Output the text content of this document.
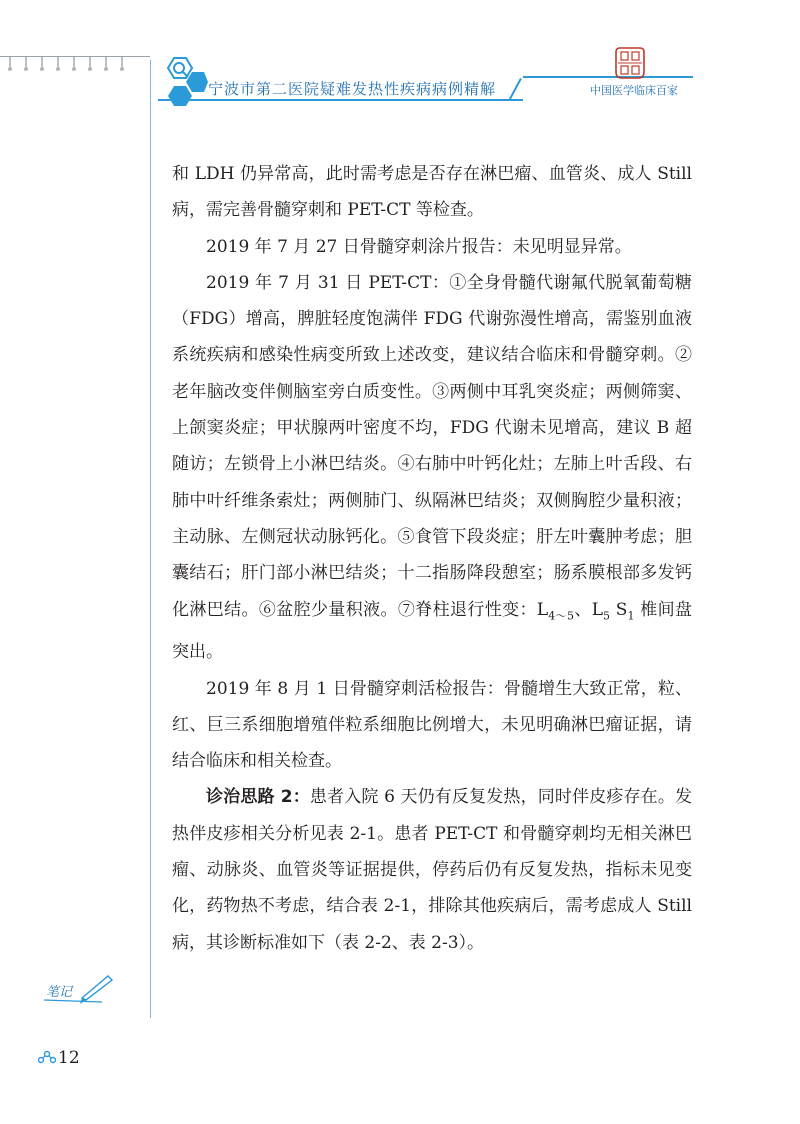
宁波市第二医院疑难发热性疾病病例精解	中国医学临床百家

和 LDH 仍异常高，此时需考虑是否存在淋巴瘤、血管炎、成人 Still 病，需完善骨髓穿刺和 PET-CT 等检查。

2019 年 7 月 27 日骨髓穿刺涂片报告：未见明显异常。

2019 年 7 月 31 日 PET-CT：①全身骨髓代谢氟代脱氧葡萄糖（FDG）增高，脾脏轻度饱满伴 FDG 代谢弥漫性增高，需鉴别血液系统疾病和感染性病变所致上述改变，建议结合临床和骨髓穿刺。②老年脑改变伴侧脑室旁白质变性。③两侧中耳乳突炎症；两侧筛窦、上颌窦炎症；甲状腺两叶密度不均，FDG 代谢未见增高，建议 B 超随访；左锁骨上小淋巴结炎。④右肺中叶钙化灶；左肺上叶舌段、右肺中叶纤维条索灶；两侧肺门、纵隔淋巴结炎；双侧胸腔少量积液；主动脉、左侧冠状动脉钙化。⑤食管下段炎症；肝左叶囊肿考虑；胆囊结石；肝门部小淋巴结炎；十二指肠降段憩室；肠系膜根部多发钙化淋巴结。⑥盆腔少量积液。⑦脊柱退行性变：$L_{4\sim 5}$、$L_5$ $S_1$ 椎间盘突出。

2019 年 8 月 1 日骨髓穿刺活检报告：骨髓增生大致正常，粒、红、巨三系细胞增殖伴粒系细胞比例增大，未见明确淋巴瘤证据，请结合临床和相关检查。

诊治思路 2：患者入院 6 天仍有反复发热，同时伴皮疹存在。发热伴皮疹相关分析见表 2-1。患者 PET-CT 和骨髓穿刺均无相关淋巴瘤、动脉炎、血管炎等证据提供，停药后仍有反复发热，指标未见变化，药物热不考虑，结合表 2-1，排除其他疾病后，需考虑成人 Still 病，其诊断标准如下（表 2-2、表 2-3）。

笔记
12
